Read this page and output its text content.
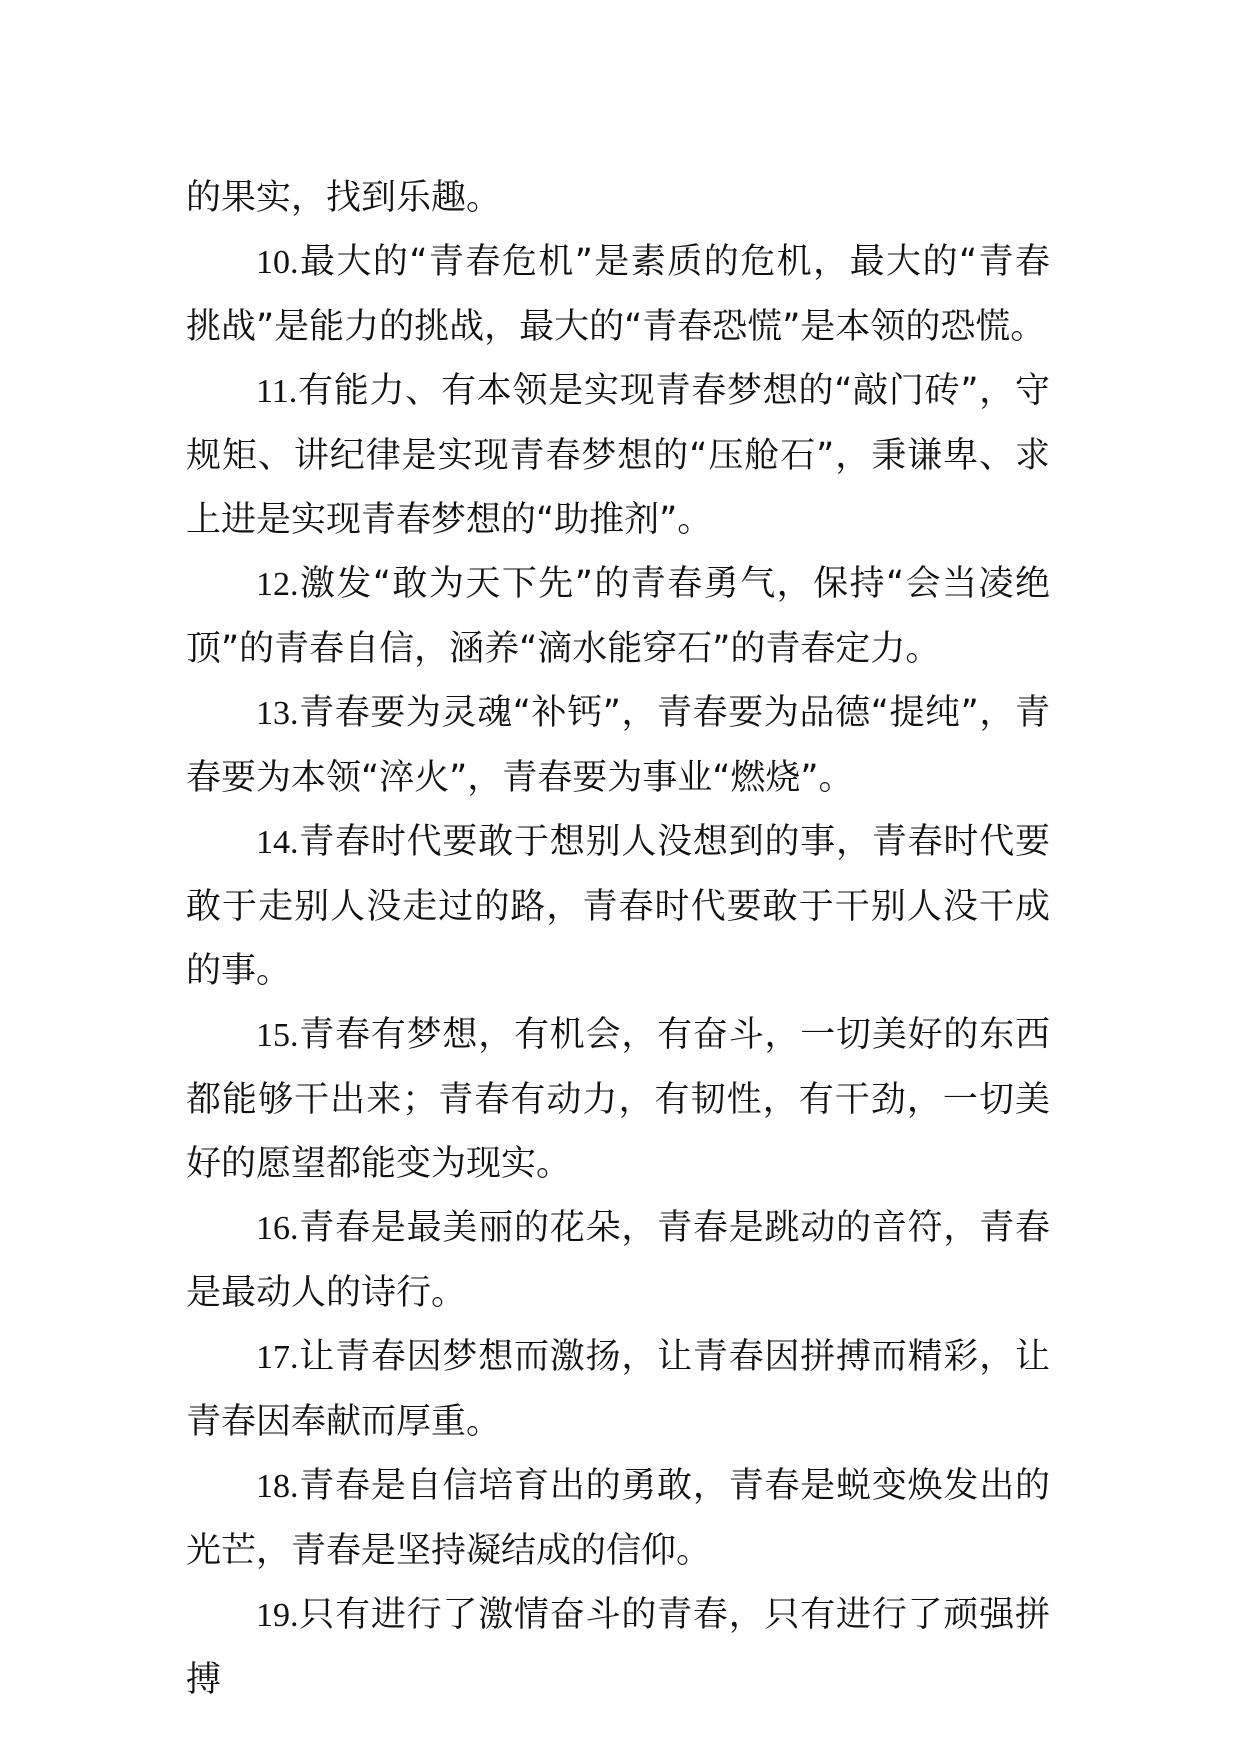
的果实，找到乐趣。

10.最大的“青春危机”是素质的危机，最大的“青春挑战”是能力的挑战，最大的“青春恐慌”是本领的恐慌。

11.有能力、有本领是实现青春梦想的“敲门砖”，守规矩、讲纪律是实现青春梦想的“压舱石”，秉谦卑、求上进是实现青春梦想的“助推剂”。

12.激发“敢为天下先”的青春勇气，保持“会当凌绝顶”的青春自信，涵养“滴水能穿石”的青春定力。

13.青春要为灵魂“补钙”，青春要为品德“提纯”，青春要为本领“淬火”，青春要为事业“燃烧”。

14.青春时代要敢于想别人没想到的事，青春时代要敢于走别人没走过的路，青春时代要敢于干别人没干成的事。

15.青春有梦想，有机会，有奋斗，一切美好的东西都能够干出来；青春有动力，有韧性，有干劲，一切美好的愿望都能变为现实。

16.青春是最美丽的花朵，青春是跳动的音符，青春是最动人的诗行。

17.让青春因梦想而激扬，让青春因拼搏而精彩，让青春因奉献而厚重。

18.青春是自信培育出的勇敢，青春是蜕变焕发出的光芒，青春是坚持凝结成的信仰。

19.只有进行了激情奋斗的青春，只有进行了顽强拼搏
